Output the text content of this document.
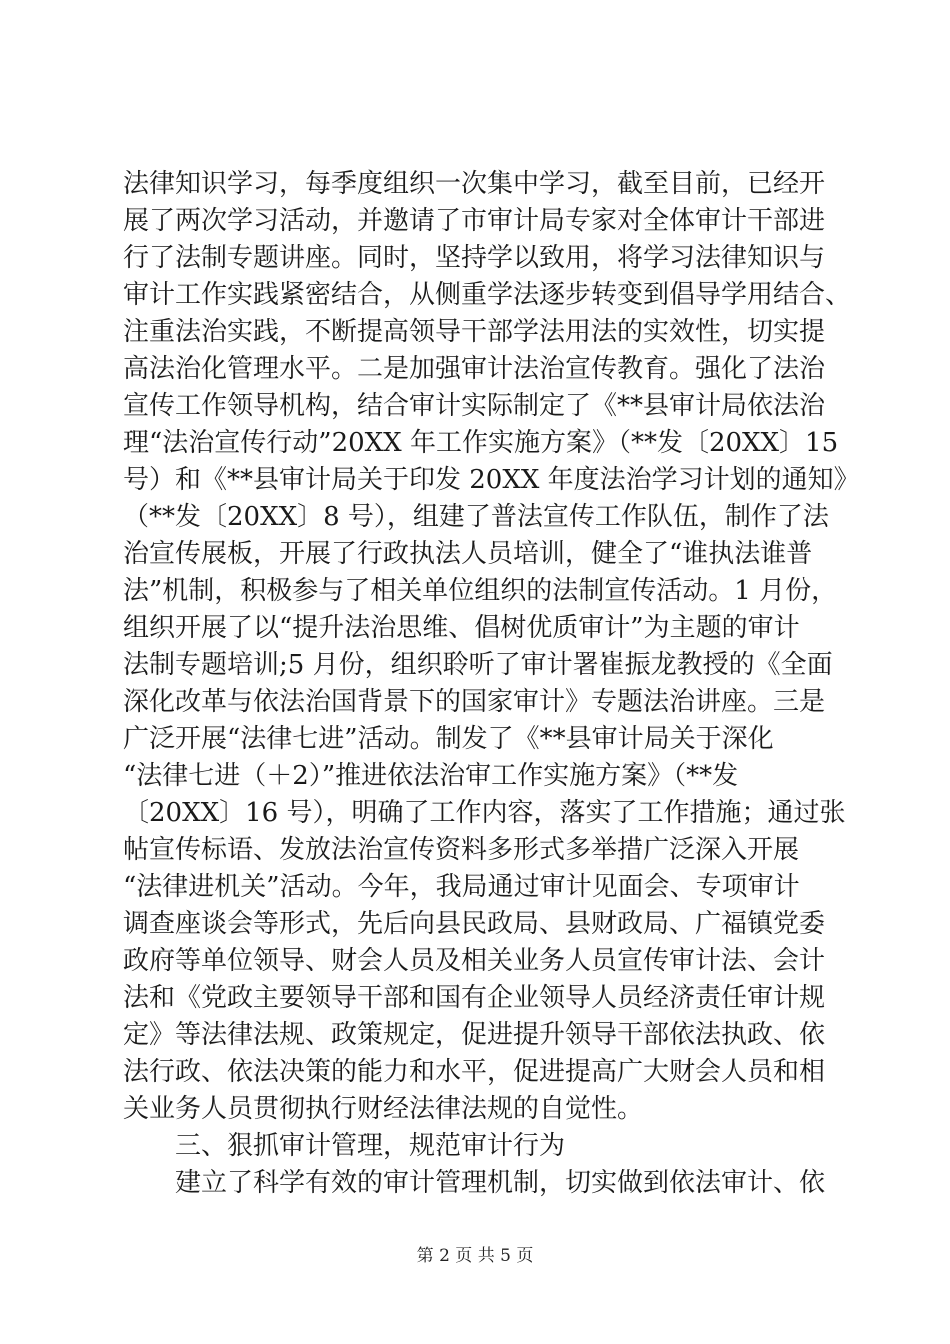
法律知识学习，每季度组织一次集中学习，截至目前，已经开
展了两次学习活动，并邀请了市审计局专家对全体审计干部进
行了法制专题讲座。同时，坚持学以致用，将学习法律知识与
审计工作实践紧密结合，从侧重学法逐步转变到倡导学用结合、
注重法治实践，不断提高领导干部学法用法的实效性，切实提
高法治化管理水平。二是加强审计法治宣传教育。强化了法治
宣传工作领导机构，结合审计实际制定了《**县审计局依法治
理“法治宣传行动”20XX 年工作实施方案》（**发〔20XX〕15
号）和《**县审计局关于印发 20XX 年度法治学习计划的通知》
（**发〔20XX〕8 号），组建了普法宣传工作队伍，制作了法
治宣传展板，开展了行政执法人员培训，健全了“谁执法谁普
法”机制，积极参与了相关单位组织的法制宣传活动。1 月份，
组织开展了以“提升法治思维、倡树优质审计”为主题的审计
法制专题培训;5 月份，组织聆听了审计署崔振龙教授的《全面
深化改革与依法治国背景下的国家审计》专题法治讲座。三是
广泛开展“法律七进”活动。制发了《**县审计局关于深化
“法律七进（＋2）”推进依法治审工作实施方案》（**发
〔20XX〕16 号），明确了工作内容，落实了工作措施；通过张
帖宣传标语、发放法治宣传资料多形式多举措广泛深入开展
“法律进机关”活动。今年，我局通过审计见面会、专项审计
调查座谈会等形式，先后向县民政局、县财政局、广福镇党委
政府等单位领导、财会人员及相关业务人员宣传审计法、会计
法和《党政主要领导干部和国有企业领导人员经济责任审计规
定》等法律法规、政策规定，促进提升领导干部依法执政、依
法行政、依法决策的能力和水平，促进提高广大财会人员和相
关业务人员贯彻执行财经法律法规的自觉性。
三、狠抓审计管理，规范审计行为
建立了科学有效的审计管理机制，切实做到依法审计、依
第 2 页 共 5 页
